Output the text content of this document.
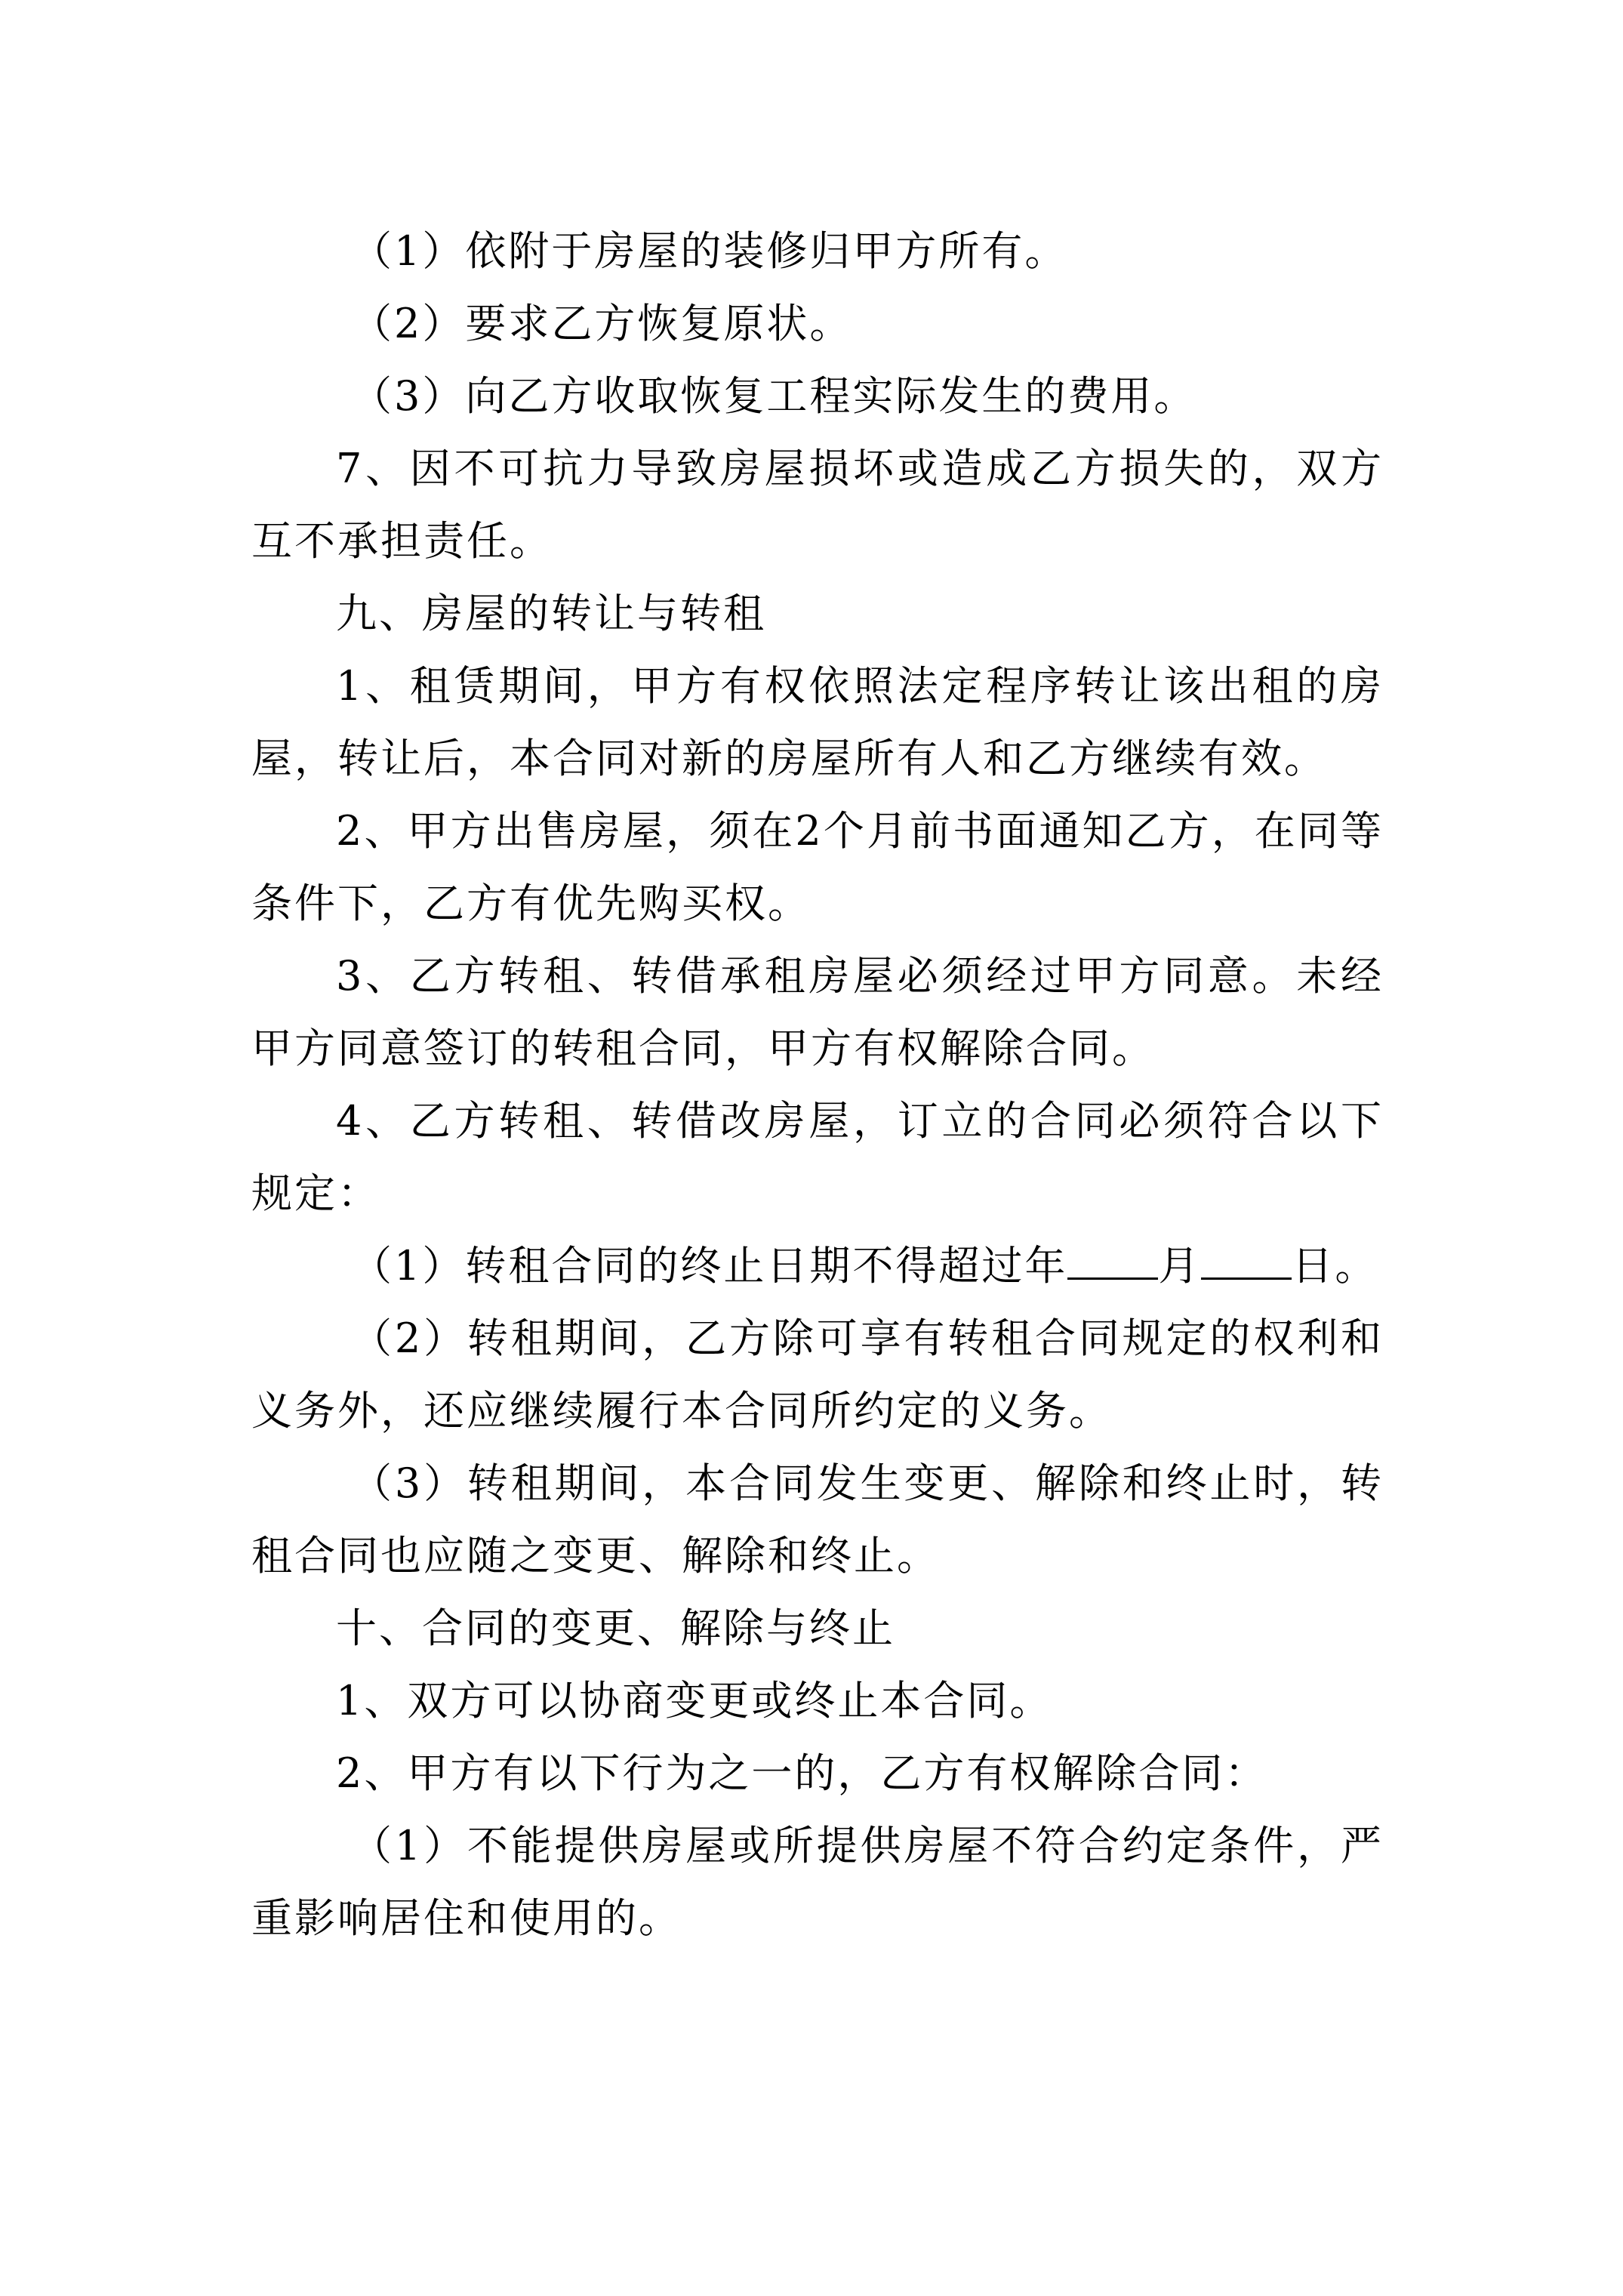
（1）依附于房屋的装修归甲方所有。

（2）要求乙方恢复原状。

（3）向乙方收取恢复工程实际发生的费用。

7、因不可抗力导致房屋损坏或造成乙方损失的，双方互不承担责任。

九、房屋的转让与转租

1、租赁期间，甲方有权依照法定程序转让该出租的房屋，转让后，本合同对新的房屋所有人和乙方继续有效。

2、甲方出售房屋，须在2个月前书面通知乙方，在同等条件下，乙方有优先购买权。

3、乙方转租、转借承租房屋必须经过甲方同意。未经甲方同意签订的转租合同，甲方有权解除合同。

4、乙方转租、转借改房屋，订立的合同必须符合以下规定：

（1）转租合同的终止日期不得超过年 月 日。

（2）转租期间，乙方除可享有转租合同规定的权利和义务外，还应继续履行本合同所约定的义务。

（3）转租期间，本合同发生变更、解除和终止时，转租合同也应随之变更、解除和终止。

十、合同的变更、解除与终止

1、双方可以协商变更或终止本合同。

2、甲方有以下行为之一的，乙方有权解除合同：

（1）不能提供房屋或所提供房屋不符合约定条件，严重影响居住和使用的。
